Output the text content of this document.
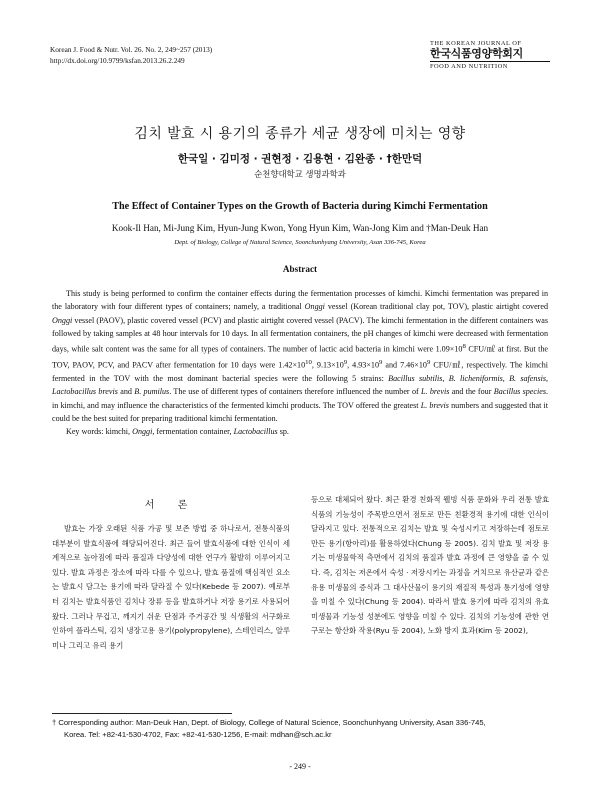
Korean J. Food & Nutr. Vol. 26. No. 2, 249~257 (2013)
http://dx.doi.org/10.9799/ksfan.2013.26.2.249
THE KOREAN JOURNAL OF
한국식품영양학회지
FOOD AND NUTRITION
김치 발효 시 용기의 종류가 세균 생장에 미치는 영향
한국일 · 김미정 · 권현정 · 김용현 · 김완종 · †한만덕
순천향대학교 생명과학과
The Effect of Container Types on the Growth of Bacteria during Kimchi Fermentation
Kook-Il Han, Mi-Jung Kim, Hyun-Jung Kwon, Yong Hyun Kim, Wan-Jong Kim and †Man-Deuk Han
Dept. of Biology, College of Natural Science, Soonchunhyang University, Asan 336-745, Korea
Abstract

This study is being performed to confirm the container effects during the fermentation processes of kimchi. Kimchi fermentation was prepared in the laboratory with four different types of containers; namely, a traditional Onggi vessel (Korean traditional clay pot, TOV), plastic airtight covered Onggi vessel (PAOV), plastic covered vessel (PCV) and plastic airtight covered vessel (PACV). The kimchi fermentation in the different containers was followed by taking samples at 48 hour intervals for 10 days. In all fermentation containers, the pH changes of kimchi were decreased with fermentation days, while salt content was the same for all types of containers. The number of lactic acid bacteria in kimchi were $1.09\times 10^8$ CFU/㎖ at first. But the TOV, PAOV, PCV, and PACV after fermentation for 10 days were $1.42\times 10^{10}$, $9.13\times 10^9$, $4.93\times 10^9$ and $7.46\times 10^9$ CFU/㎖, respectively. The kimchi fermented in the TOV with the most dominant bacterial species were the following 5 strains: Bacillus subtilis, B. licheniformis, B. safensis, Lactobacillus brevis and B. pumilus. The use of different types of containers therefore influenced the number of L. brevis and the four Bacillus species. in kimchi, and may influence the characteristics of the fermented kimchi products. The TOV offered the greatest L. brevis numbers and suggested that it could be the best suited for preparing traditional kimchi fermentation.

Key words: kimchi, Onggi, fermentation container, Lactobacillus sp.

서 론

발효는 가장 오래된 식품 가공 및 보존 방법 중 하나로서, 전통식품의 대부분이 발효식품에 해당되어진다. 최근 들어 발효식품에 대한 인식이 세계적으로 높아짐에 따라 품질과 다양성에 대한 연구가 활발히 이루어지고 있다. 발효 과정은 장소에 따라 다를 수 있으나, 발효 품질에 핵심적인 요소는 발효시 담그는 용기에 따라 달라질 수 있다(Kebede 등 2007). 예로부터 김치는 발효식품인 김치나 장류 등을 발효하거나 저장 용기로 사용되어 왔다. 그러나 무겁고, 깨지기 쉬운 단점과 주거공간 및 식생활의 서구화로 인하여 플라스틱, 김치 냉장고용 용기(polypropylene), 스테인리스, 알루미나 그리고 유리 용기

등으로 대체되어 왔다. 최근 환경 친화적 웰빙 식품 문화와 우리 전통 발효식품의 기능성이 주목받으면서 점토로 만든 친환경적 용기에 대한 인식이 달라지고 있다. 전통적으로 김치는 발효 및 숙성시키고 저장하는데 점토로 만든 용기(항아리)를 활용하였다(Chung 등 2005). 김치 발효 및 저장 용기는 미생물학적 측면에서 김치의 품질과 발효 과정에 큰 영향을 줄 수 있다. 즉, 김치는 저온에서 숙성 · 저장시키는 과정을 거치므로 유산균과 같은 유용 미생물의 증식과 그 대사산물이 용기의 재질적 특성과 통기성에 영향을 미칠 수 있다(Chung 등 2004). 따라서 발효 용기에 따라 김치의 유효 미생물과 기능성 성분에도 영향을 미칠 수 있다. 김치의 기능성에 관한 연구로는 항산화 작용(Ryu 등 2004), 노화 방지 효과(Kim 등 2002),

† Corresponding author: Man-Deuk Han, Dept. of Biology, College of Natural Science, Soonchunhyang University, Asan 336-745,
Korea. Tel: +82-41-530-4702, Fax: +82-41-530-1256, E-mail: mdhan@sch.ac.kr
- 249 -
